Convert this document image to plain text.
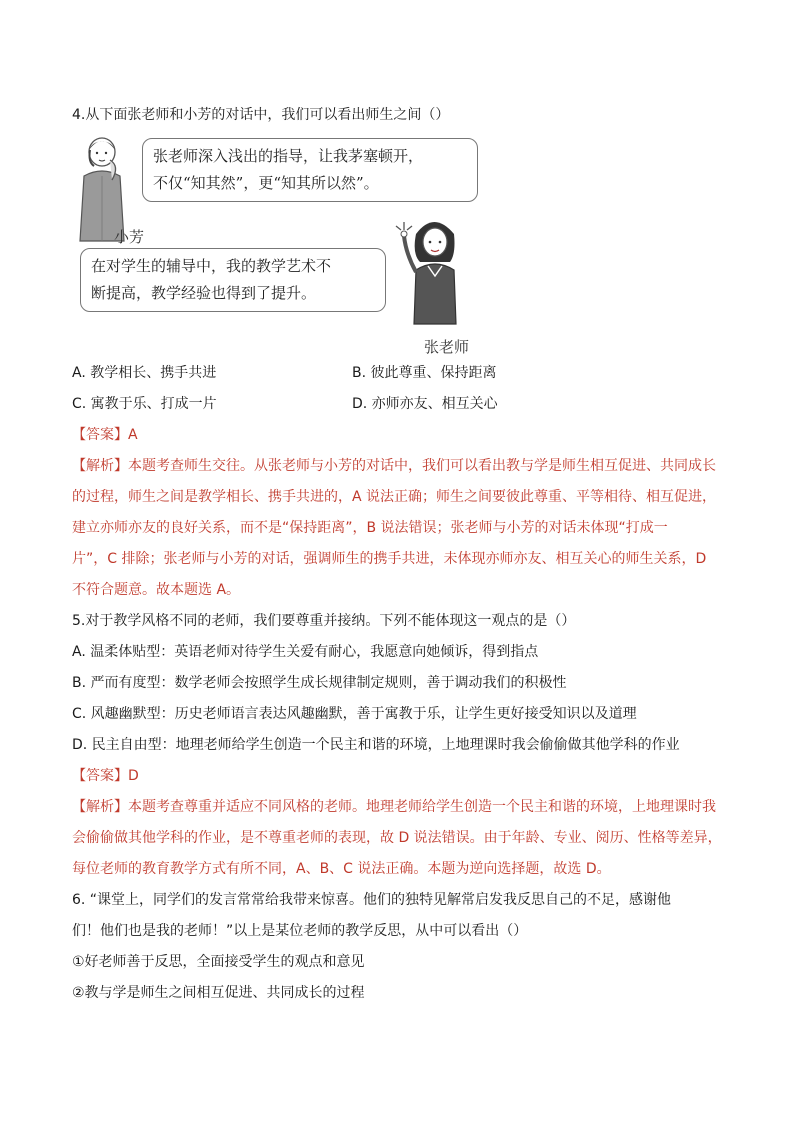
4.从下面张老师和小芳的对话中，我们可以看出师生之间（）
张老师深入浅出的指导，让我茅塞顿开，
不仅“知其然”，更“知其所以然”。
小芳
在对学生的辅导中，我的教学艺术不
断提高，教学经验也得到了提升。
张老师
A. 教学相长、携手共进	B. 彼此尊重、保持距离
C. 寓教于乐、打成一片	D. 亦师亦友、相互关心
【答案】A
【解析】本题考查师生交往。从张老师与小芳的对话中，我们可以看出教与学是师生相互促进、共同成长
的过程，师生之间是教学相长、携手共进的，A 说法正确；师生之间要彼此尊重、平等相待、相互促进，
建立亦师亦友的良好关系，而不是“保持距离”，B 说法错误；张老师与小芳的对话未体现“打成一
片”，C 排除；张老师与小芳的对话，强调师生的携手共进，未体现亦师亦友、相互关心的师生关系，D
不符合题意。故本题选 A。
5.对于教学风格不同的老师，我们要尊重并接纳。下列不能体现这一观点的是（）
A. 温柔体贴型：英语老师对待学生关爱有耐心，我愿意向她倾诉，得到指点
B. 严而有度型：数学老师会按照学生成长规律制定规则，善于调动我们的积极性
C. 风趣幽默型：历史老师语言表达风趣幽默，善于寓教于乐，让学生更好接受知识以及道理
D. 民主自由型：地理老师给学生创造一个民主和谐的环境，上地理课时我会偷偷做其他学科的作业
【答案】D
【解析】本题考查尊重并适应不同风格的老师。地理老师给学生创造一个民主和谐的环境，上地理课时我
会偷偷做其他学科的作业，是不尊重老师的表现，故 D 说法错误。由于年龄、专业、阅历、性格等差异，
每位老师的教育教学方式有所不同，A、B、C 说法正确。本题为逆向选择题，故选 D。
6. “课堂上，同学们的发言常常给我带来惊喜。他们的独特见解常启发我反思自己的不足，感谢他
们！他们也是我的老师！”以上是某位老师的教学反思，从中可以看出（）
①好老师善于反思，全面接受学生的观点和意见
②教与学是师生之间相互促进、共同成长的过程
